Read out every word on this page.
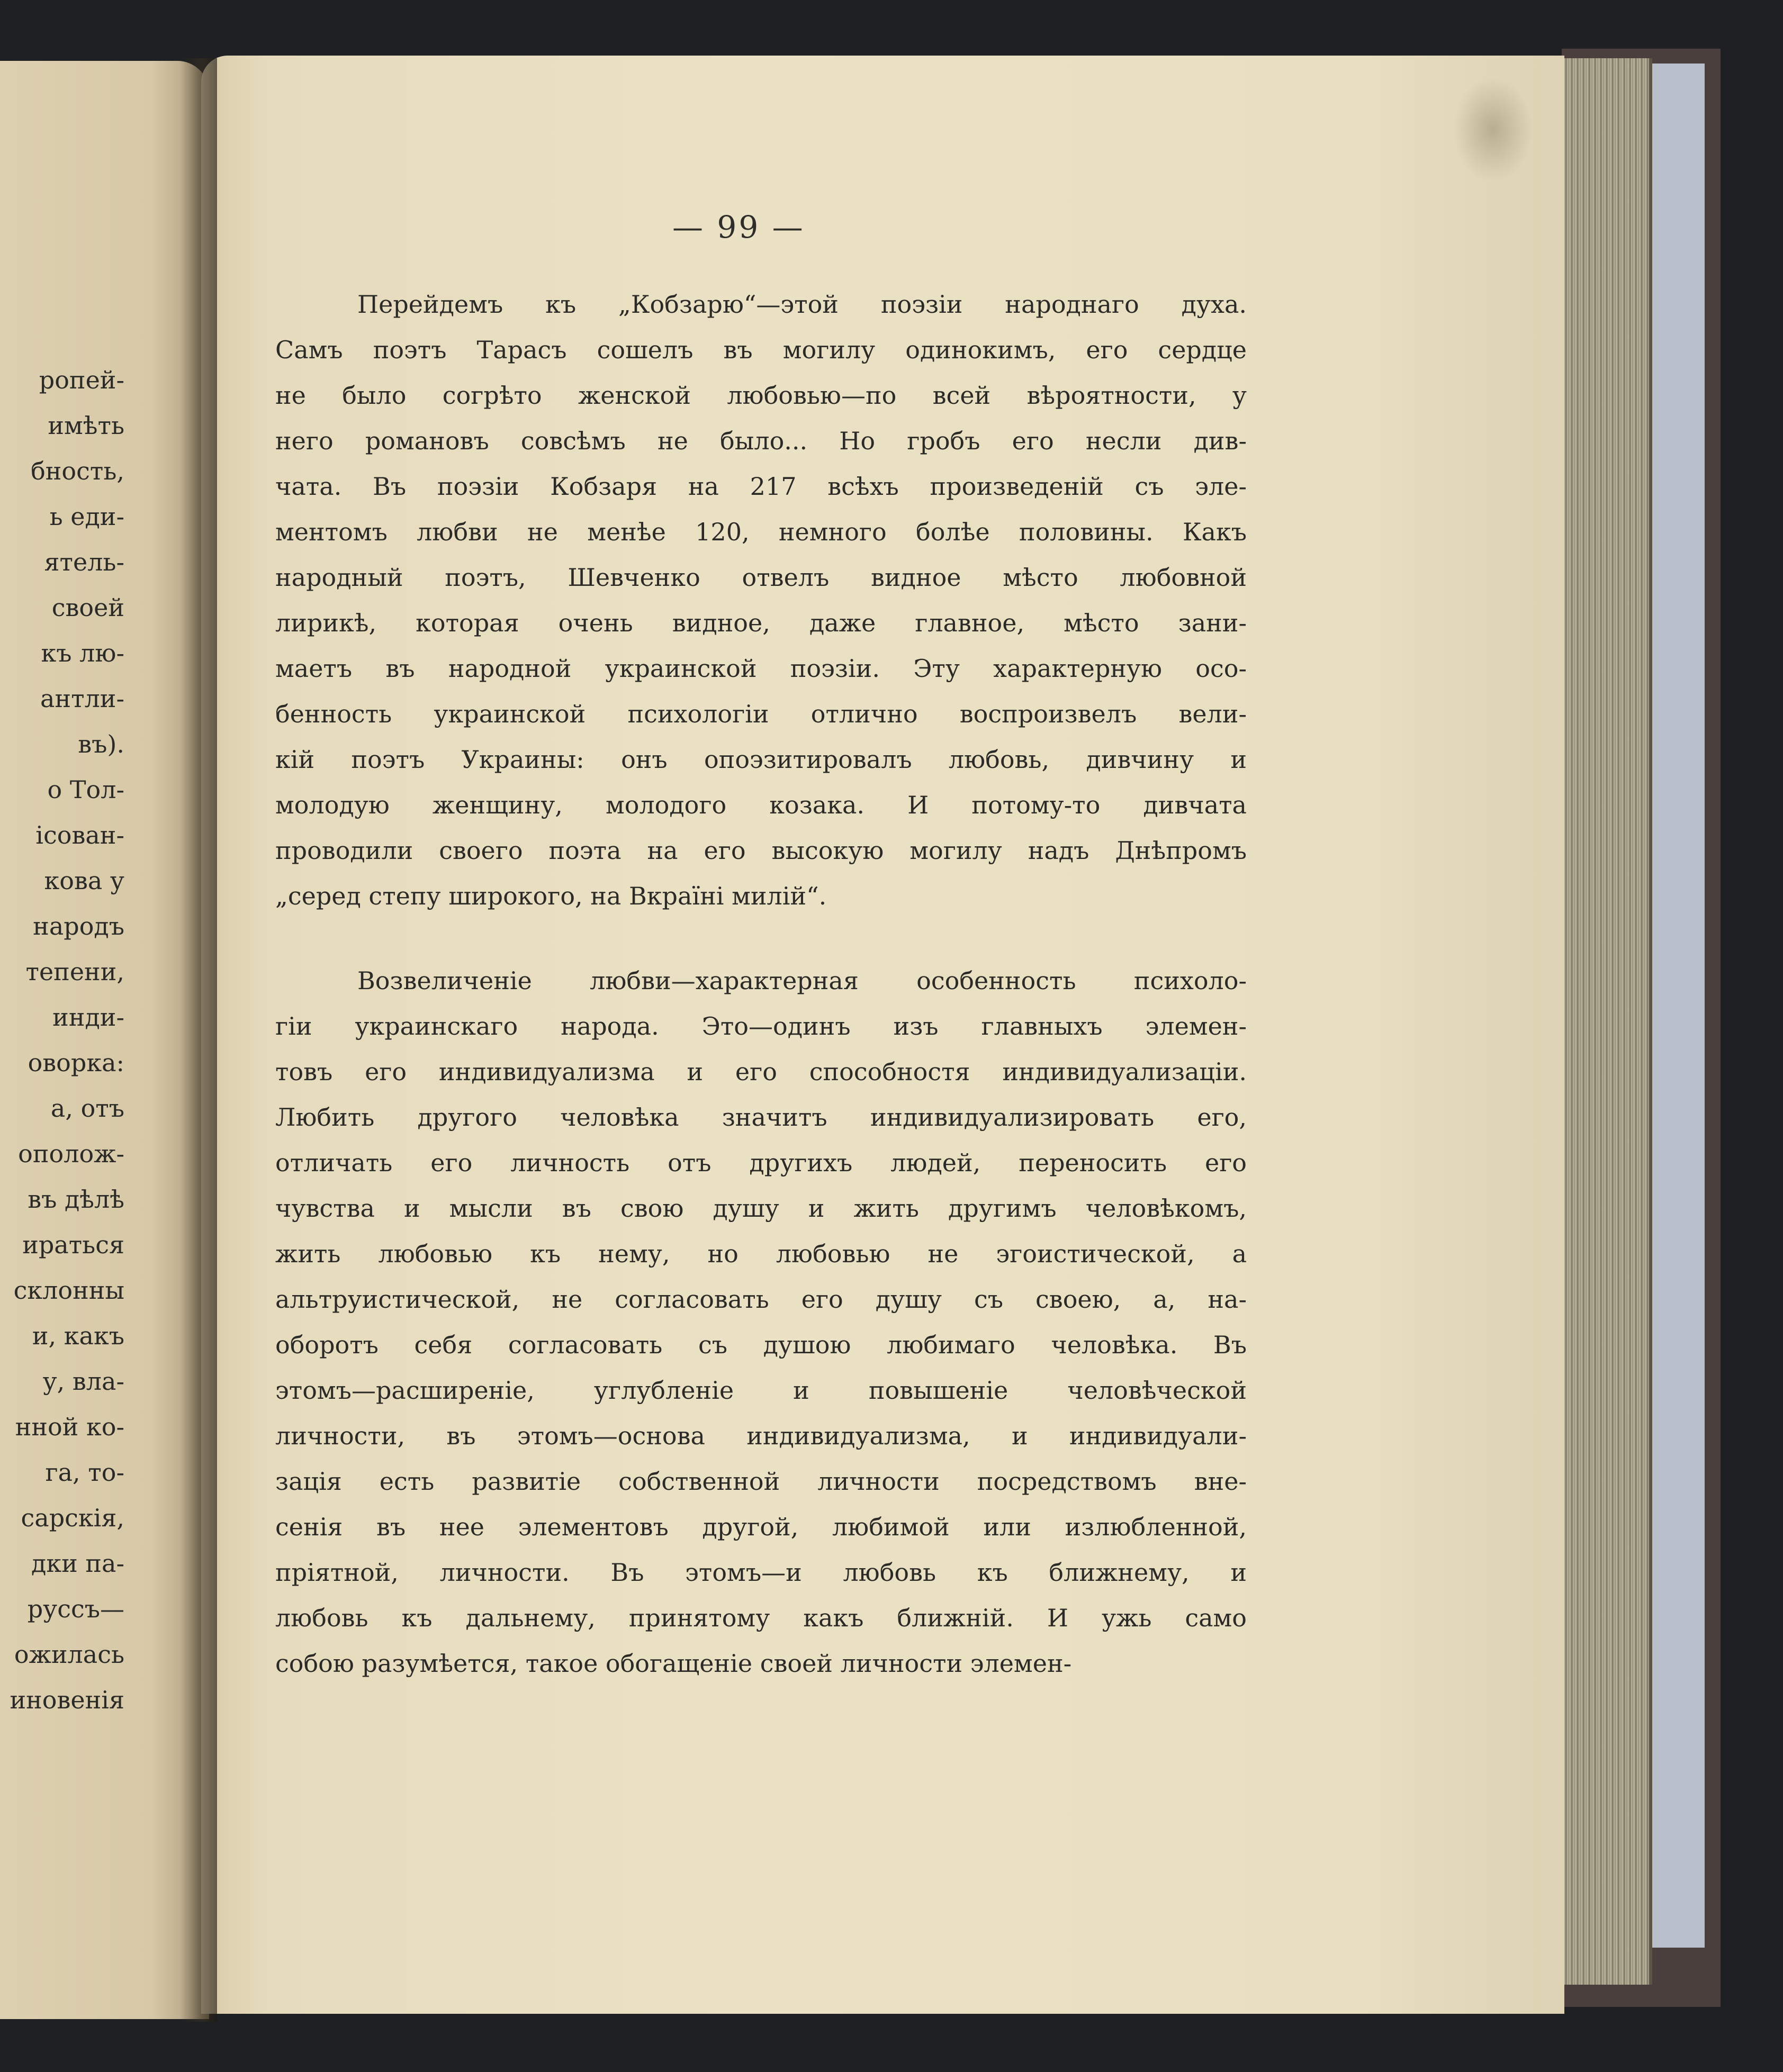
ропей-
имѣть
бность,
ь еди-
ятель-
своей
къ лю-
антли-
въ).
о Тол-
ісован-
кова у
народъ
тепени,
инди-
оворка:
а, отъ
ополож-
въ дѣлѣ
ираться
склонны
и, какъ
у, вла-
нной ко-
га, то-
сарскія,
дки па-
руссъ—
ожилась
иновенія
— 99 —
Перейдемъ къ „Кобзарю“—этой поэзіи народнаго духа.
Самъ поэтъ Тарасъ сошелъ въ могилу одинокимъ, его сердце
не было согрѣто женской любовью—по всей вѣроятности, у
него романовъ совсѣмъ не было... Но гробъ его несли див-
чата. Въ поэзіи Кобзаря на 217 всѣхъ произведеній съ эле-
ментомъ любви не менѣе 120, немного болѣе половины. Какъ
народный поэтъ, Шевченко отвелъ видное мѣсто любовной
лирикѣ, которая очень видное, даже главное, мѣсто зани-
маетъ въ народной украинской поэзіи. Эту характерную осо-
бенность украинской психологіи отлично воспроизвелъ вели-
кій поэтъ Украины: онъ опоэзитировалъ любовь, дивчину и
молодую женщину, молодого козака. И потому-то дивчата
проводили своего поэта на его высокую могилу надъ Днѣпромъ
„серед степу широкого, на Вкраїні милій“.
Возвеличеніе любви—характерная особенность психоло-
гіи украинскаго народа. Это—одинъ изъ главныхъ элемен-
товъ его индивидуализма и его способностя индивидуализаціи.
Любить другого человѣка значитъ индивидуализировать его,
отличать его личность отъ другихъ людей, переносить его
чувства и мысли въ свою душу и жить другимъ человѣкомъ,
жить любовью къ нему, но любовью не эгоистической, а
альтруистической, не согласовать его душу съ своею, а, на-
оборотъ себя согласовать съ душою любимаго человѣка. Въ
этомъ—расширеніе, углубленіе и повышеніе человѣческой
личности, въ этомъ—основа индивидуализма, и индивидуали-
зація есть развитіе собственной личности посредствомъ вне-
сенія въ нее элементовъ другой, любимой или излюбленной,
пріятной, личности. Въ этомъ—и любовь къ ближнему, и
любовь къ дальнему, принятому какъ ближній. И ужь само
собою разумѣется, такое обогащеніе своей личности элемен-
